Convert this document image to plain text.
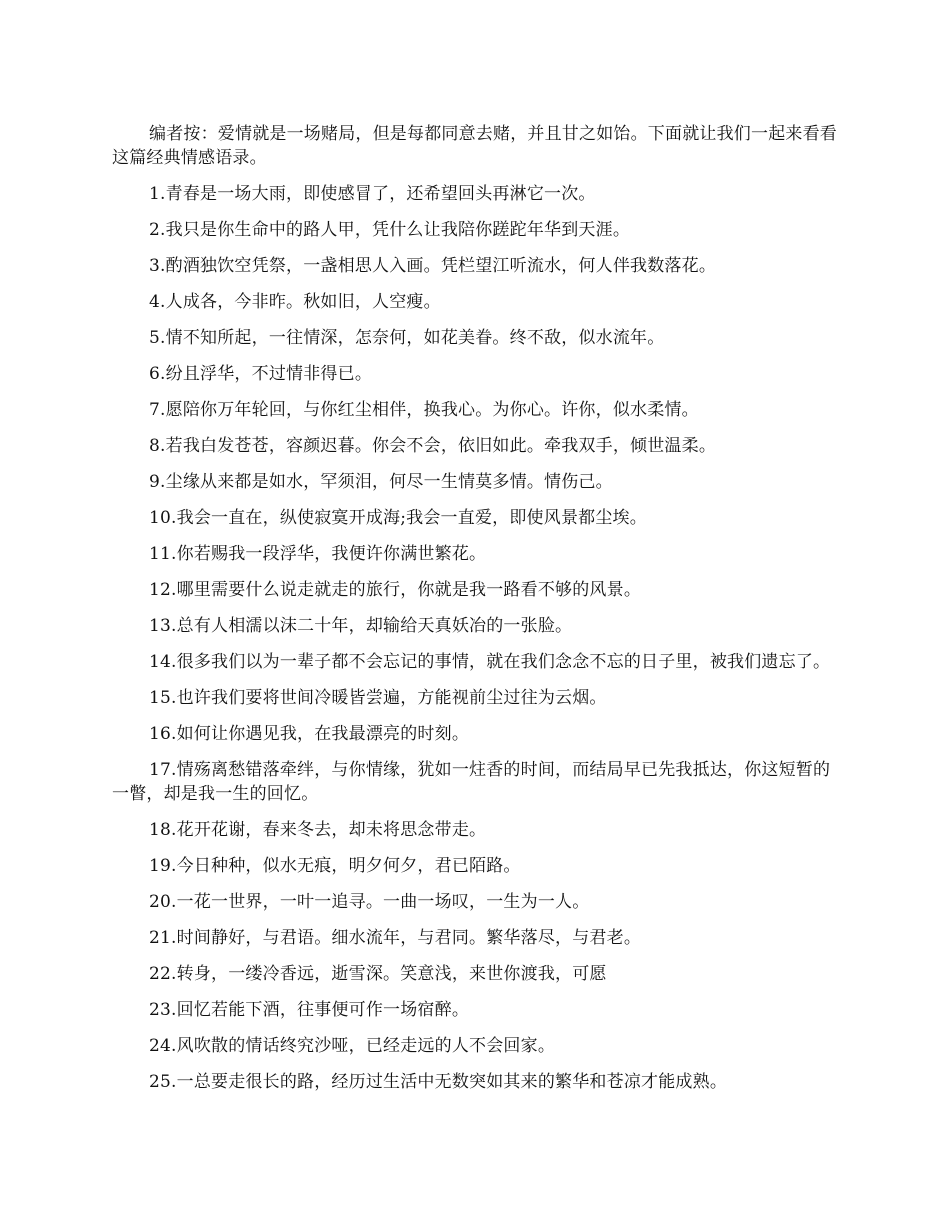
编者按：爱情就是一场赌局，但是每都同意去赌，并且甘之如饴。下面就让我们一起来看看这篇经典情感语录。

1.青春是一场大雨，即使感冒了，还希望回头再淋它一次。

2.我只是你生命中的路人甲，凭什么让我陪你蹉跎年华到天涯。

3.酌酒独饮空凭祭，一盏相思人入画。凭栏望江听流水，何人伴我数落花。

4.人成各，今非昨。秋如旧，人空瘦。

5.情不知所起，一往情深，怎奈何，如花美眷。终不敌，似水流年。

6.纷且浮华，不过情非得已。

7.愿陪你万年轮回，与你红尘相伴，换我心。为你心。许你，似水柔情。

8.若我白发苍苍，容颜迟暮。你会不会，依旧如此。牵我双手，倾世温柔。

9.尘缘从来都是如水，罕须泪，何尽一生情莫多情。情伤己。

10.我会一直在，纵使寂寞开成海;我会一直爱，即使风景都尘埃。

11.你若赐我一段浮华，我便许你满世繁花。

12.哪里需要什么说走就走的旅行，你就是我一路看不够的风景。

13.总有人相濡以沫二十年，却输给天真妖冶的一张脸。

14.很多我们以为一辈子都不会忘记的事情，就在我们念念不忘的日子里，被我们遗忘了。

15.也许我们要将世间冷暖皆尝遍，方能视前尘过往为云烟。

16.如何让你遇见我，在我最漂亮的时刻。

17.情殇离愁错落牵绊，与你情缘，犹如一炷香的时间，而结局早已先我抵达，你这短暂的一瞥，却是我一生的回忆。

18.花开花谢，春来冬去，却未将思念带走。

19.今日种种，似水无痕，明夕何夕，君已陌路。

20.一花一世界，一叶一追寻。一曲一场叹，一生为一人。

21.时间静好，与君语。细水流年，与君同。繁华落尽，与君老。

22.转身，一缕冷香远，逝雪深。笑意浅，来世你渡我，可愿

23.回忆若能下酒，往事便可作一场宿醉。

24.风吹散的情话终究沙哑，已经走远的人不会回家。

25.一总要走很长的路，经历过生活中无数突如其来的繁华和苍凉才能成熟。
